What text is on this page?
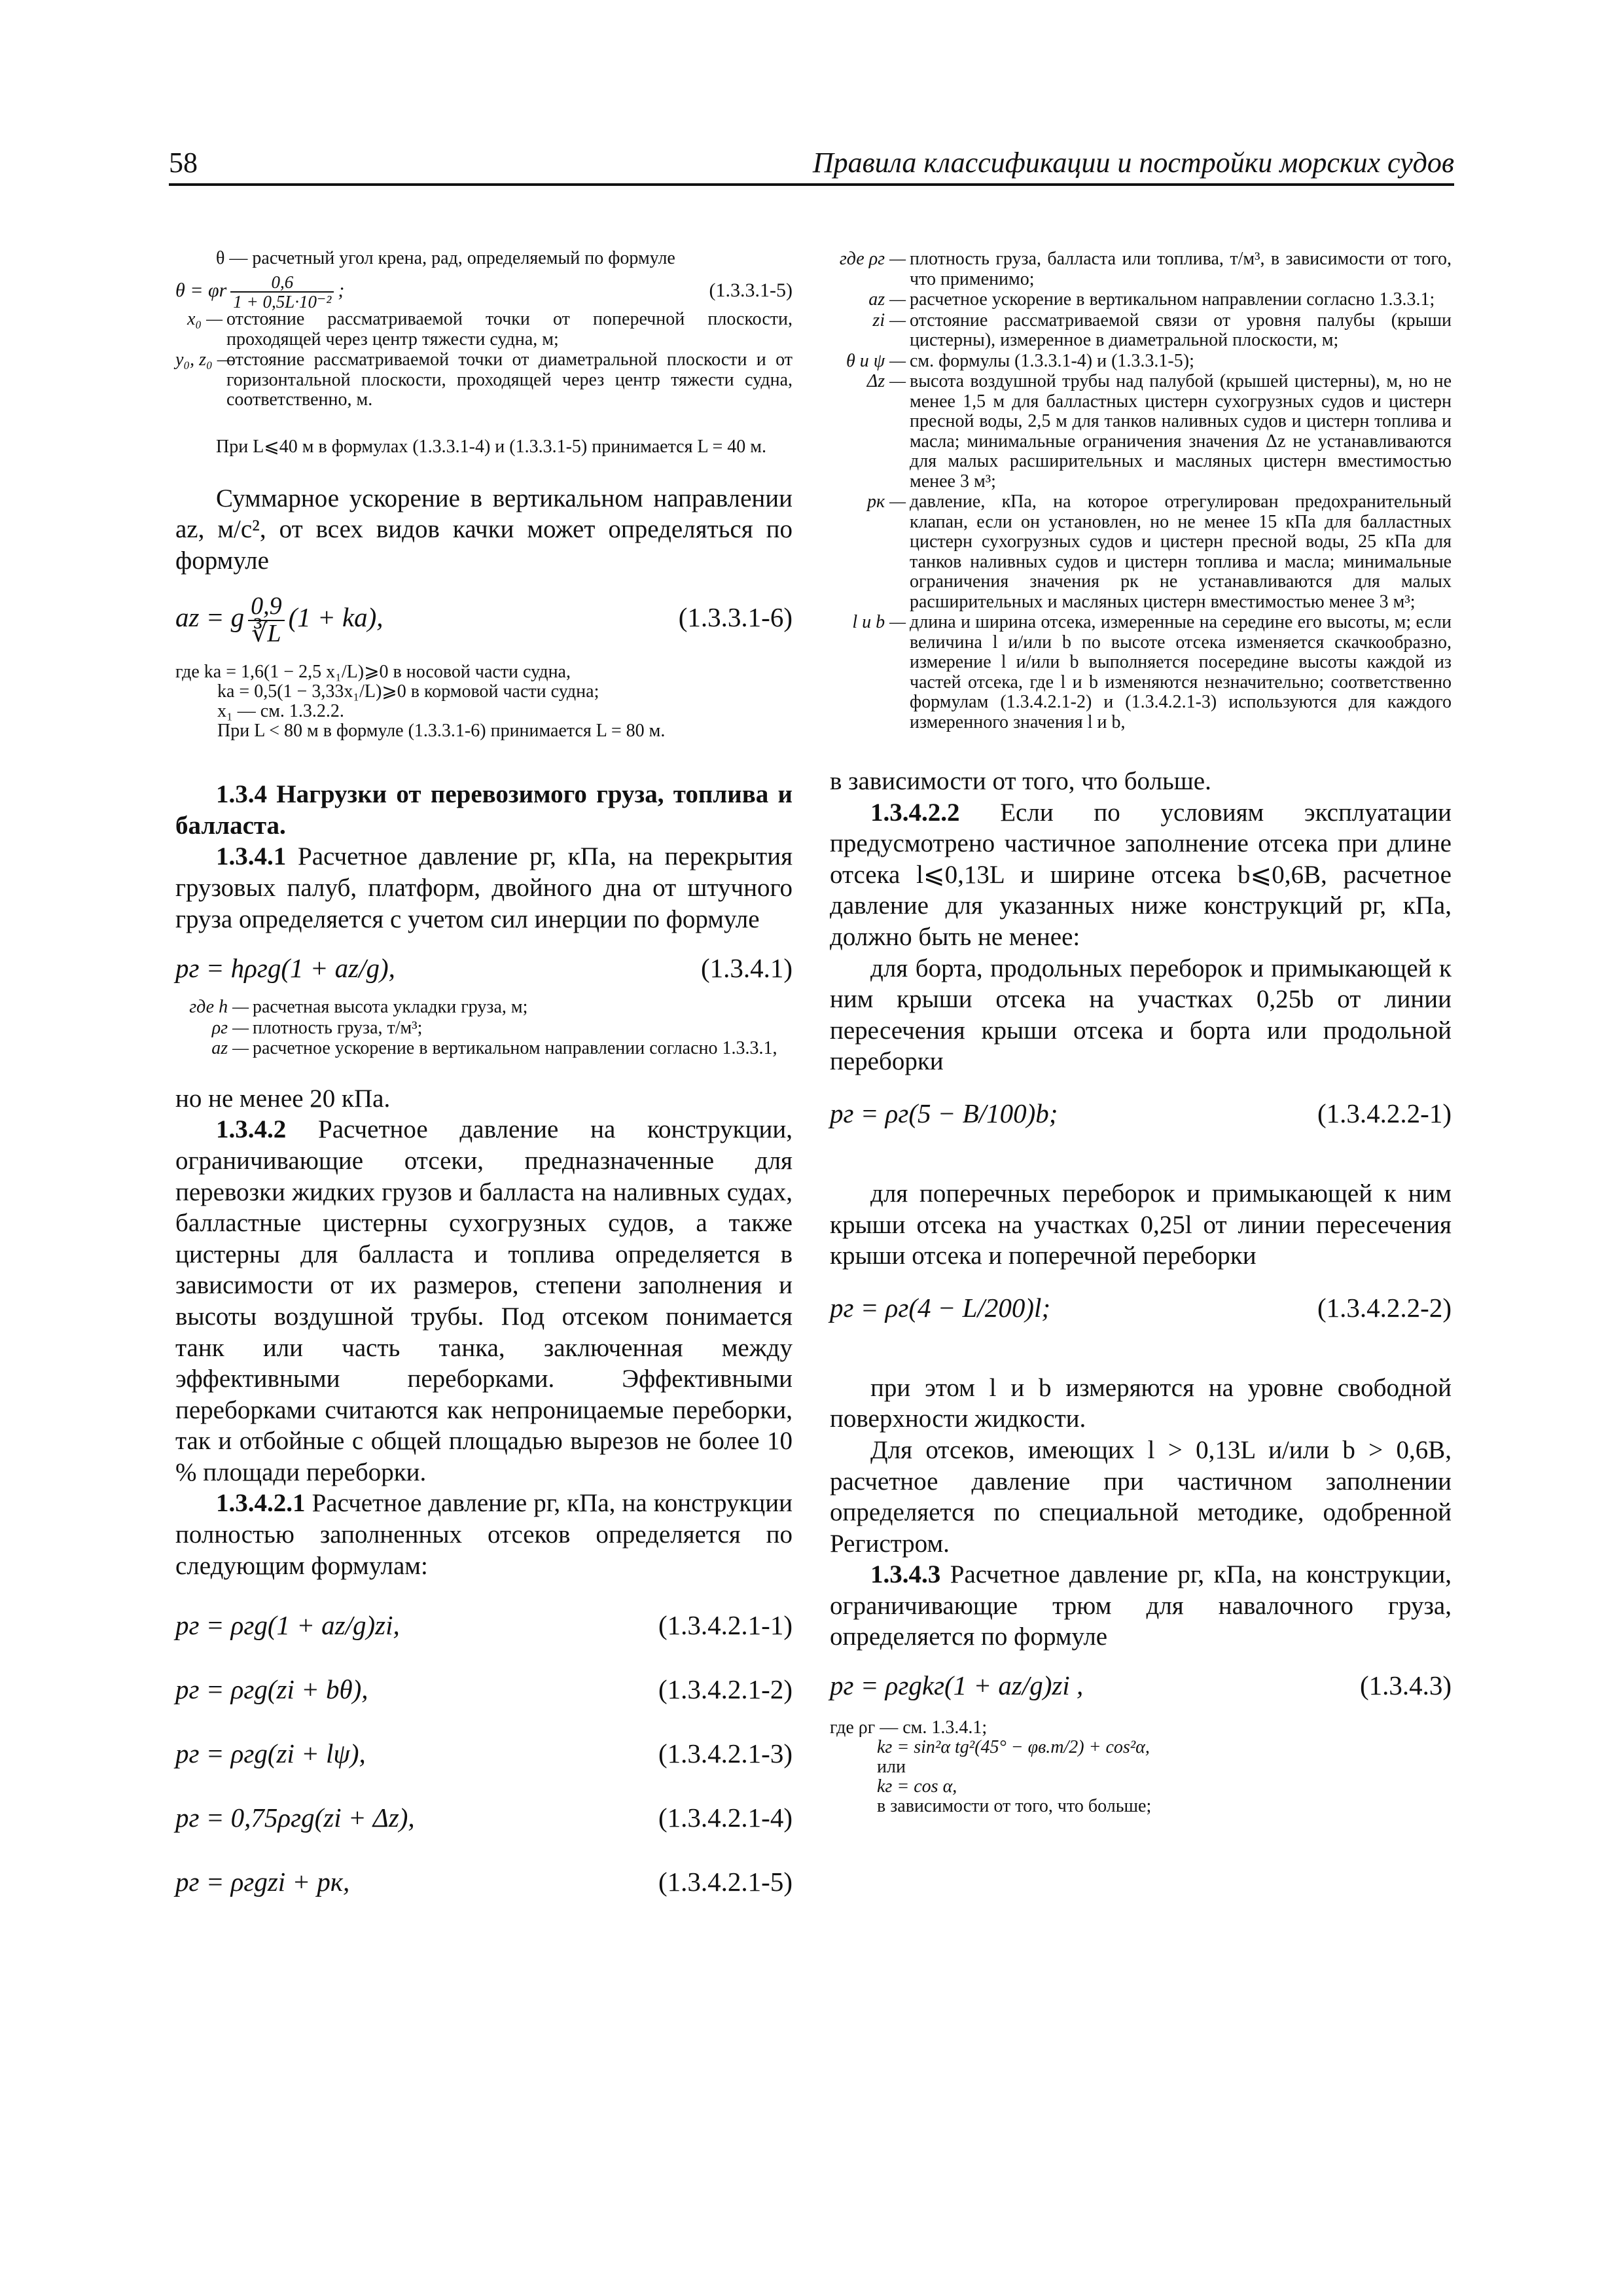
58	Правила классификации и постройки морских судов

θ — расчетный угол крена, рад, определяемый по формуле

θ = φr $\frac{0,6}{\text{1 + 0,5L·10⁻²}}$ ;	(1.3.3.1-5)
x₀ — отстояние рассматриваемой точки от поперечной плоскости, проходящей через центр тяжести судна, м;
y₀, z₀ —
отстояние рассматриваемой точки от диаметральной плоскости и от горизонтальной плоскости, проходящей через центр тяжести судна, соответственно, м.

При L⩽40 м в формулах (1.3.3.1-4) и (1.3.3.1-5) принимается L = 40 м.

Суммарное ускорение в вертикальном направлении az, м/с², от всех видов качки может определяться по формуле

az = g $\frac{0,9}{∛L} (1 + ka)$,	(1.3.3.1-6)

где ka = 1,6(1 − 2,5 x₁/L)⩾0 в носовой части судна,

ka = 0,5(1 − 3,33x₁/L)⩾0 в кормовой части судна;

x₁ — см. 1.3.2.2.

При L < 80 м в формуле (1.3.3.1-6) принимается L = 80 м.

1.3.4 Нагрузки от перевозимого груза, топлива и балласта.

1.3.4.1 Расчетное давление pг, кПа, на перекрытия грузовых палуб, платформ, двойного дна от штучного груза определяется с учетом сил инерции по формуле

pг = hρгg(1 + az/g),	(1.3.4.1)
где h — расчетная высота укладки груза, м;
ρг — плотность груза, т/м³;
az — расчетное ускорение в вертикальном направлении согласно 1.3.3.1,

но не менее 20 кПа.

1.3.4.2 Расчетное давление на конструкции, ограничивающие отсеки, предназначенные для перевозки жидких грузов и балласта на наливных судах, балластные цистерны сухогрузных судов, а также цистерны для балласта и топлива определяется в зависимости от их размеров, степени заполнения и высоты воздушной трубы. Под отсеком понимается танк или часть танка, заключенная между эффективными переборками. Эффективными переборками считаются как непроницаемые переборки, так и отбойные с общей площадью вырезов не более 10 % площади переборки.

1.3.4.2.1 Расчетное давление pг, кПа, на конструкции полностью заполненных отсеков определяется по следующим формулам:

pг = ρгg(1 + az/g)zi,	(1.3.4.2.1-1)
pг = ρгg(zi + bθ),	(1.3.4.2.1-2)
pг = ρгg(zi + lψ),	(1.3.4.2.1-3)
pг = 0,75ρгg(zi + Δz),	(1.3.4.2.1-4)
pг = ρгgzi + pк,	(1.3.4.2.1-5)
где ρг — плотность груза, балласта или топлива, т/м³, в зависимости от того, что применимо;
az — расчетное ускорение в вертикальном направлении согласно 1.3.3.1;
zi — отстояние рассматриваемой связи от уровня палубы (крыши цистерны), измеренное в диаметральной плоскости, м;
θ и ψ — см. формулы (1.3.3.1-4) и (1.3.3.1-5);
Δz — высота воздушной трубы над палубой (крышей цистерны), м, но не менее 1,5 м для балластных цистерн сухогрузных судов и цистерн пресной воды, 2,5 м для танков наливных судов и цистерн топлива и масла; минимальные ограничения значения Δz не устанавливаются для малых расширительных и масляных цистерн вместимостью менее 3 м³;
pк — давление, кПа, на которое отрегулирован предохранительный клапан, если он установлен, но не менее 15 кПа для балластных цистерн сухогрузных судов и цистерн пресной воды, 25 кПа для танков наливных судов и цистерн топлива и масла; минимальные ограничения значения pк не устанавливаются для малых расширительных и масляных цистерн вместимостью менее 3 м³;
l и b — длина и ширина отсека, измеренные на середине его высоты, м; если величина l и/или b по высоте отсека изменяется скачкообразно, измерение l и/или b выполняется посередине высоты каждой из частей отсека, где l и b изменяются незначительно; соответственно формулам (1.3.4.2.1-2) и (1.3.4.2.1-3) используются для каждого измеренного значения l и b,

в зависимости от того, что больше.

1.3.4.2.2 Если по условиям эксплуатации предусмотрено частичное заполнение отсека при длине отсека l⩽0,13L и ширине отсека b⩽0,6B, расчетное давление для указанных ниже конструкций pг, кПа, должно быть не менее:

для борта, продольных переборок и примыкающей к ним крыши отсека на участках 0,25b от линии пересечения крыши отсека и борта или продольной переборки

pг = ρг(5 − B/100)b;	(1.3.4.2.2-1)

для поперечных переборок и примыкающей к ним крыши отсека на участках 0,25l от линии пересечения крыши отсека и поперечной переборки

pг = ρг(4 − L/200)l;	(1.3.4.2.2-2)

при этом l и b измеряются на уровне свободной поверхности жидкости.

Для отсеков, имеющих l > 0,13L и/или b > 0,6B, расчетное давление при частичном заполнении определяется по специальной методике, одобренной Регистром.

1.3.4.3 Расчетное давление pг, кПа, на конструкции, ограничивающие трюм для навалочного груза, определяется по формуле

pг = ρгgkг(1 + az/g)zi ,	(1.3.4.3)

где ρг — см. 1.3.4.1;

kг = sin²α tg²(45° − φв.т/2) + cos²α,

или

kг = cos α,

в зависимости от того, что больше;
